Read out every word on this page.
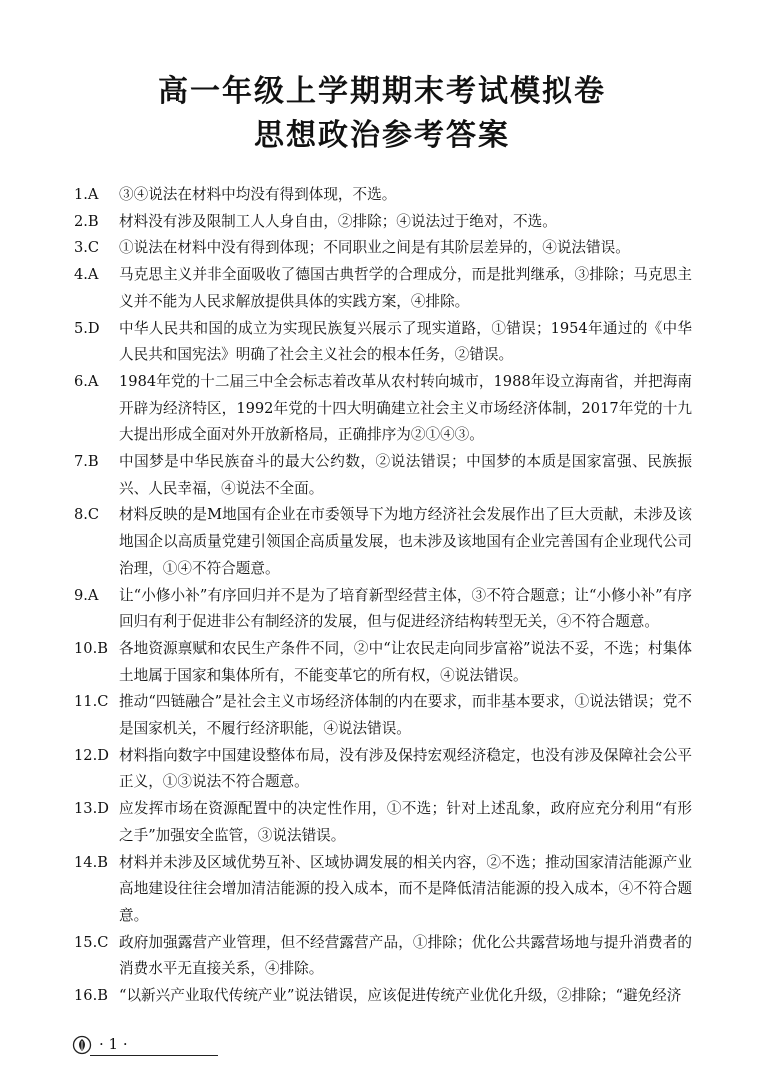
高一年级上学期期末考试模拟卷
思想政治参考答案
1.A	③④说法在材料中均没有得到体现，不选。
2.B	材料没有涉及限制工人人身自由，②排除；④说法过于绝对，不选。
3.C	①说法在材料中没有得到体现；不同职业之间是有其阶层差异的，④说法错误。
4.A	马克思主义并非全面吸收了德国古典哲学的合理成分，而是批判继承，③排除；马克思主义并不能为人民求解放提供具体的实践方案，④排除。
5.D	中华人民共和国的成立为实现民族复兴展示了现实道路，①错误；1954年通过的《中华人民共和国宪法》明确了社会主义社会的根本任务，②错误。
6.A	1984年党的十二届三中全会标志着改革从农村转向城市，1988年设立海南省，并把海南开辟为经济特区，1992年党的十四大明确建立社会主义市场经济体制，2017年党的十九大提出形成全面对外开放新格局，正确排序为②①④③。
7.B	中国梦是中华民族奋斗的最大公约数，②说法错误；中国梦的本质是国家富强、民族振兴、人民幸福，④说法不全面。
8.C	材料反映的是M地国有企业在市委领导下为地方经济社会发展作出了巨大贡献，未涉及该地国企以高质量党建引领国企高质量发展，也未涉及该地国有企业完善国有企业现代公司治理，①④不符合题意。
9.A	让“小修小补”有序回归并不是为了培育新型经营主体，③不符合题意；让“小修小补”有序回归有利于促进非公有制经济的发展，但与促进经济结构转型无关，④不符合题意。
10.B 各地资源禀赋和农民生产条件不同，②中“让农民走向同步富裕”说法不妥，不选；村集体土地属于国家和集体所有，不能变革它的所有权，④说法错误。
11.C 推动“四链融合”是社会主义市场经济体制的内在要求，而非基本要求，①说法错误；党不是国家机关，不履行经济职能，④说法错误。
12.D 材料指向数字中国建设整体布局，没有涉及保持宏观经济稳定，也没有涉及保障社会公平正义，①③说法不符合题意。
13.D 应发挥市场在资源配置中的决定性作用，①不选；针对上述乱象，政府应充分利用“有形之手”加强安全监管，③说法错误。
14.B 材料并未涉及区域优势互补、区域协调发展的相关内容，②不选；推动国家清洁能源产业高地建设往往会增加清洁能源的投入成本，而不是降低清洁能源的投入成本，④不符合题意。
15.C 政府加强露营产业管理，但不经营露营产品，①排除；优化公共露营场地与提升消费者的消费水平无直接关系，④排除。
16.B “以新兴产业取代传统产业”说法错误，应该促进传统产业优化升级，②排除；“避免经济
· 1 ·
